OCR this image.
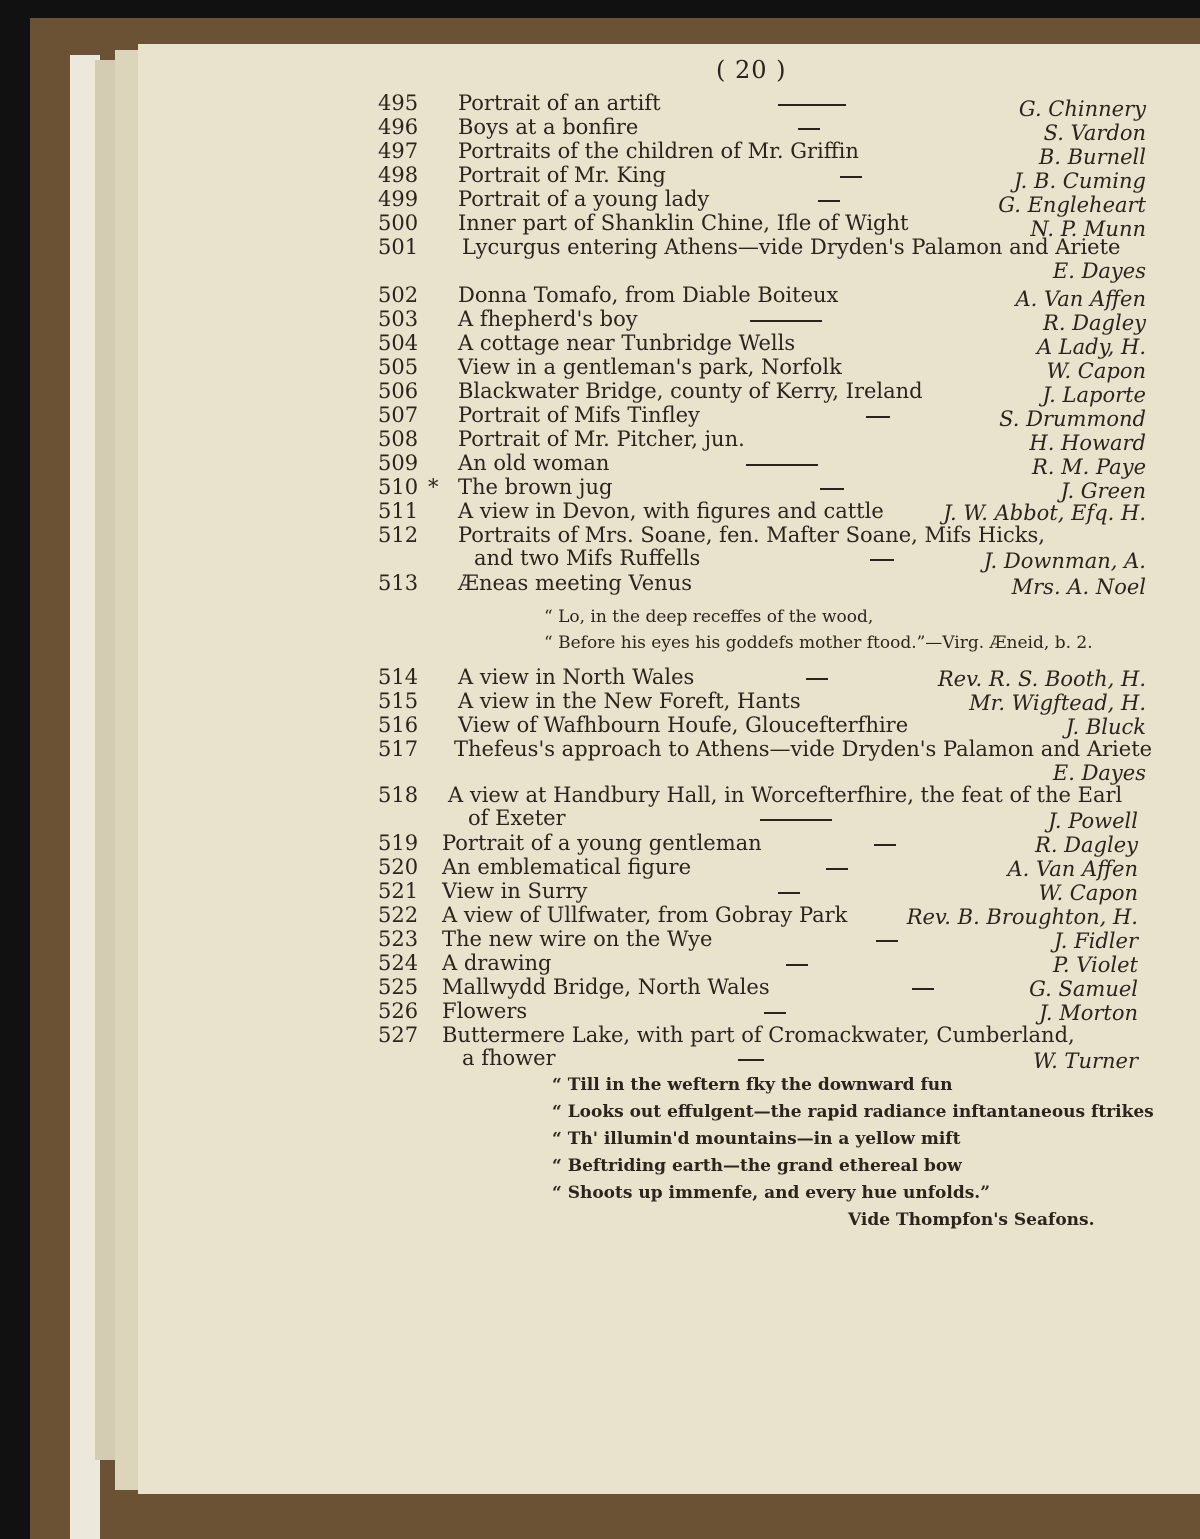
( 20 )
495	Portrait of an artift	G. Chinnery
496	Boys at a bonfire	S. Vardon
497	Portraits of the children of Mr. Griffin	B. Burnell
498	Portrait of Mr. King	J. B. Cuming
499	Portrait of a young lady	G. Engleheart
500	Inner part of Shanklin Chine, Ifle of Wight	N. P. Munn
501	Lycurgus entering Athens—vide Dryden's Palamon and Ariete
E. Dayes
502	Donna Tomafo, from Diable Boiteux	A. Van Affen
503	A fhepherd's boy	R. Dagley
504	A cottage near Tunbridge Wells	A Lady, H.
505	View in a gentleman's park, Norfolk	W. Capon
506	Blackwater Bridge, county of Kerry, Ireland	J. Laporte
507	Portrait of Mifs Tinfley	S. Drummond
508	Portrait of Mr. Pitcher, jun.	H. Howard
509	An old woman	R. M. Paye
510 * The brown jug	J. Green
511	A view in Devon, with figures and cattle	J. W. Abbot, Efq. H.
512	Portraits of Mrs. Soane, fen. Mafter Soane, Mifs Hicks,
and two Mifs Ruffells	J. Downman, A.
513	Æneas meeting Venus	Mrs. A. Noel
“ Lo, in the deep receffes of the wood,
“ Before his eyes his goddefs mother ftood.”—Virg. Æneid, b. 2.
514	A view in North Wales	Rev. R. S. Booth, H.
515	A view in the New Foreft, Hants	Mr. Wigftead, H.
516	View of Wafhbourn Houfe, Gloucefterfhire	J. Bluck
517	Thefeus's approach to Athens—vide Dryden's Palamon and Ariete
E. Dayes
518	A view at Handbury Hall, in Worcefterfhire, the feat of the Earl
of Exeter	J. Powell
519	Portrait of a young gentleman	R. Dagley
520	An emblematical figure	A. Van Affen
521	View in Surry	W. Capon
522	A view of Ullfwater, from Gobray Park	Rev. B. Broughton, H.
523	The new wire on the Wye	J. Fidler
524	A drawing	P. Violet
525	Mallwydd Bridge, North Wales	G. Samuel
526	Flowers	J. Morton
527	Buttermere Lake, with part of Cromackwater, Cumberland,
a fhower	W. Turner
“ Till in the weftern fky the downward fun
“ Looks out effulgent—the rapid radiance inftantaneous ftrikes
“ Th' illumin'd mountains—in a yellow mift
“ Beftriding earth—the grand ethereal bow
“ Shoots up immenfe, and every hue unfolds.”
Vide Thompfon's Seafons.
